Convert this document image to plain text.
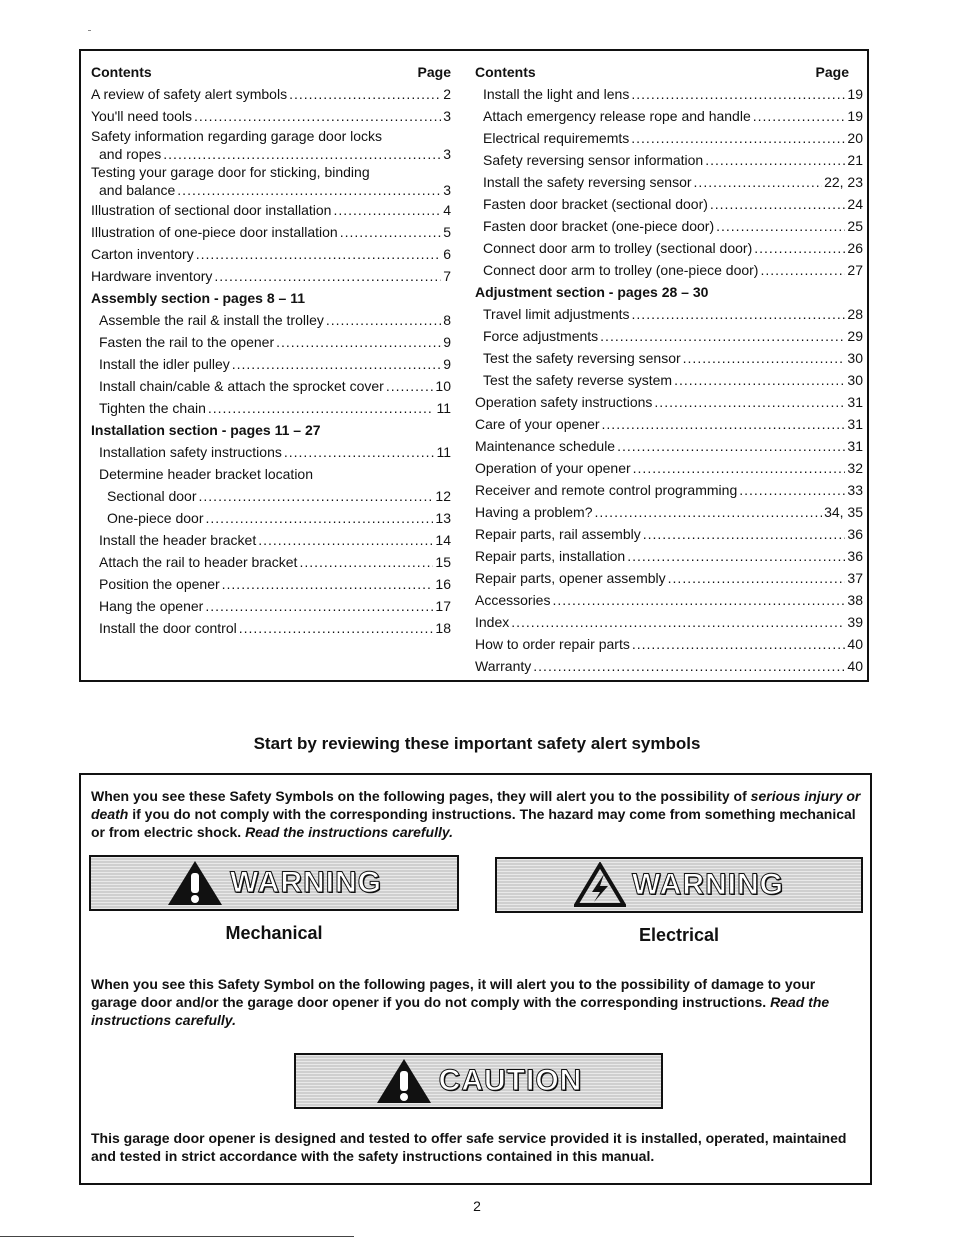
Contents	Page
A review of safety alert symbols .....	2
You'll need tools .....	3
Safety information regarding garage door locks
and ropes .....	3
Testing your garage door for sticking, binding
and balance .....	3
Illustration of sectional door installation .....	4
Illustration of one-piece door installation .....	5
Carton inventory .....	6
Hardware inventory .....	7
Assembly section - pages 8 – 11
Assemble the rail & install the trolley .....	8
Fasten the rail to the opener .....	9
Install the idler pulley .....	9
Install chain/cable & attach the sprocket cover .....	10
Tighten the chain .....	11
Installation section - pages 11 – 27
Installation safety instructions .....	11
Determine header bracket location
Sectional door .....	12
One-piece door .....	13
Install the header bracket .....	14
Attach the rail to header bracket .....	15
Position the opener .....	16
Hang the opener .....	17
Install the door control .....	18
Contents	Page
Install the light and lens .....	19
Attach emergency release rope and handle .....	19
Electrical requirememts .....	20
Safety reversing sensor information .....	21
Install the safety reversing sensor .....	22, 23
Fasten door bracket (sectional door) .....	24
Fasten door bracket (one-piece door) .....	25
Connect door arm to trolley (sectional door) .....	26
Connect door arm to trolley (one-piece door) .....	27
Adjustment section - pages 28 – 30
Travel limit adjustments .....	28
Force adjustments .....	29
Test the safety reversing sensor .....	30
Test the safety reverse system .....	30
Operation safety instructions .....	31
Care of your opener .....	31
Maintenance schedule .....	31
Operation of your opener .....	32
Receiver and remote control programming .....	33
Having a problem? .....	34, 35
Repair parts, rail assembly .....	36
Repair parts, installation .....	36
Repair parts, opener assembly .....	37
Accessories .....	38
Index .....	39
How to order repair parts .....	40
Warranty .....	40
Start by reviewing these important safety alert symbols
When you see these Safety Symbols on the following pages, they will alert you to the possibility of serious injury or death if you do not comply with the corresponding instructions. The hazard may come from something mechanical or from electric shock. Read the instructions carefully.
WARNING
Mechanical
WARNING
Electrical
When you see this Safety Symbol on the following pages, it will alert you to the possibility of damage to your garage door and/or the garage door opener if you do not comply with the corresponding instructions. Read the instructions carefully.
CAUTION
This garage door opener is designed and tested to offer safe service provided it is installed, operated, maintained and tested in strict accordance with the safety instructions contained in this manual.
2
